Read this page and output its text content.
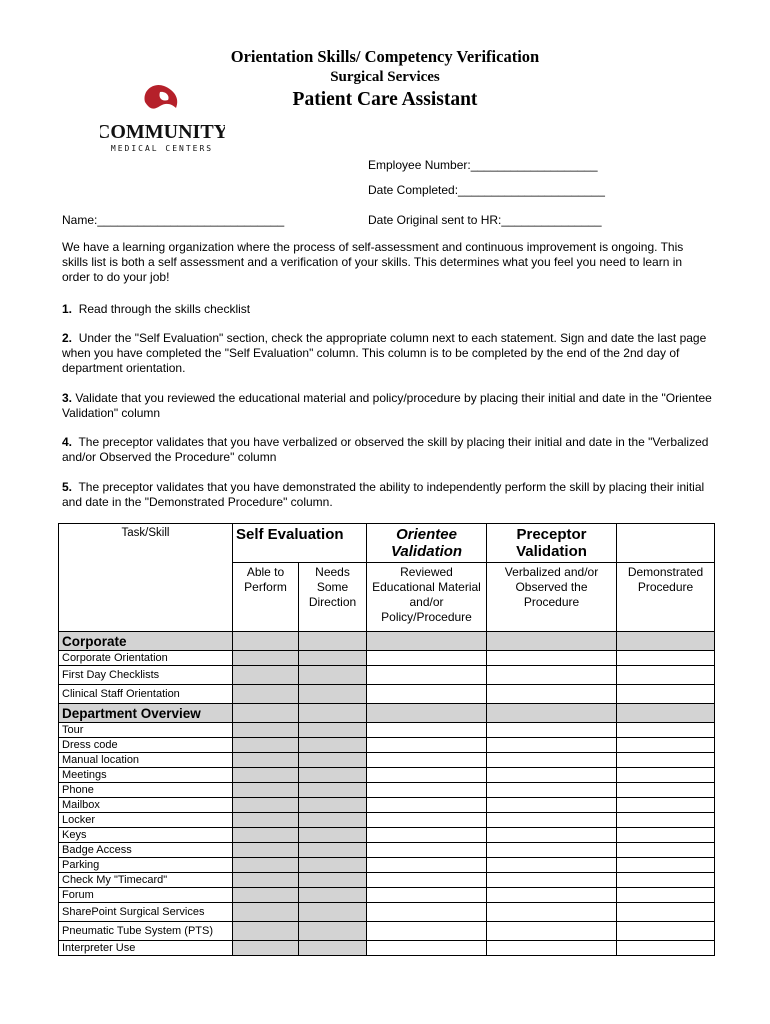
Orientation Skills/ Competency Verification
Surgical Services
Patient Care Assistant
COMMUNITY
MEDICAL CENTERS
Employee Number:___________________
Date Completed:______________________
Name:____________________________	Date Original sent to HR:_______________
We have a learning organization where the process of self-assessment and continuous improvement is ongoing. This skills list is both a self assessment and a verification of your skills. This determines what you feel you need to learn in order to do your job!
1. Read through the skills checklist
2. Under the "Self Evaluation" section, check the appropriate column next to each statement. Sign and date the last page when you have completed the "Self Evaluation" column. This column is to be completed by the end of the 2nd day of department orientation.
3. Validate that you reviewed the educational material and policy/procedure by placing their initial and date in the "Orientee Validation" column
4. The preceptor validates that you have verbalized or observed the skill by placing their initial and date in the "Verbalized and/or Observed the Procedure" column
5. The preceptor validates that you have demonstrated the ability to independently perform the skill by placing their initial and date in the "Demonstrated Procedure" column.
Task/Skill	Self Evaluation		Orientee Validation	Preceptor Validation	
	Able to Perform	Needs Some Direction	Reviewed Educational Material and/or Policy/Procedure	Verbalized and/or Observed the Procedure	Demonstrated Procedure
Corporate					
Corporate Orientation					
First Day Checklists					
Clinical Staff Orientation					
Department Overview					
Tour					
Dress code					
Manual location					
Meetings					
Phone					
Mailbox					
Locker					
Keys					
Badge Access					
Parking					
Check My "Timecard"					
Forum					
SharePoint Surgical Services					
Pneumatic Tube System (PTS)					
Interpreter Use					
